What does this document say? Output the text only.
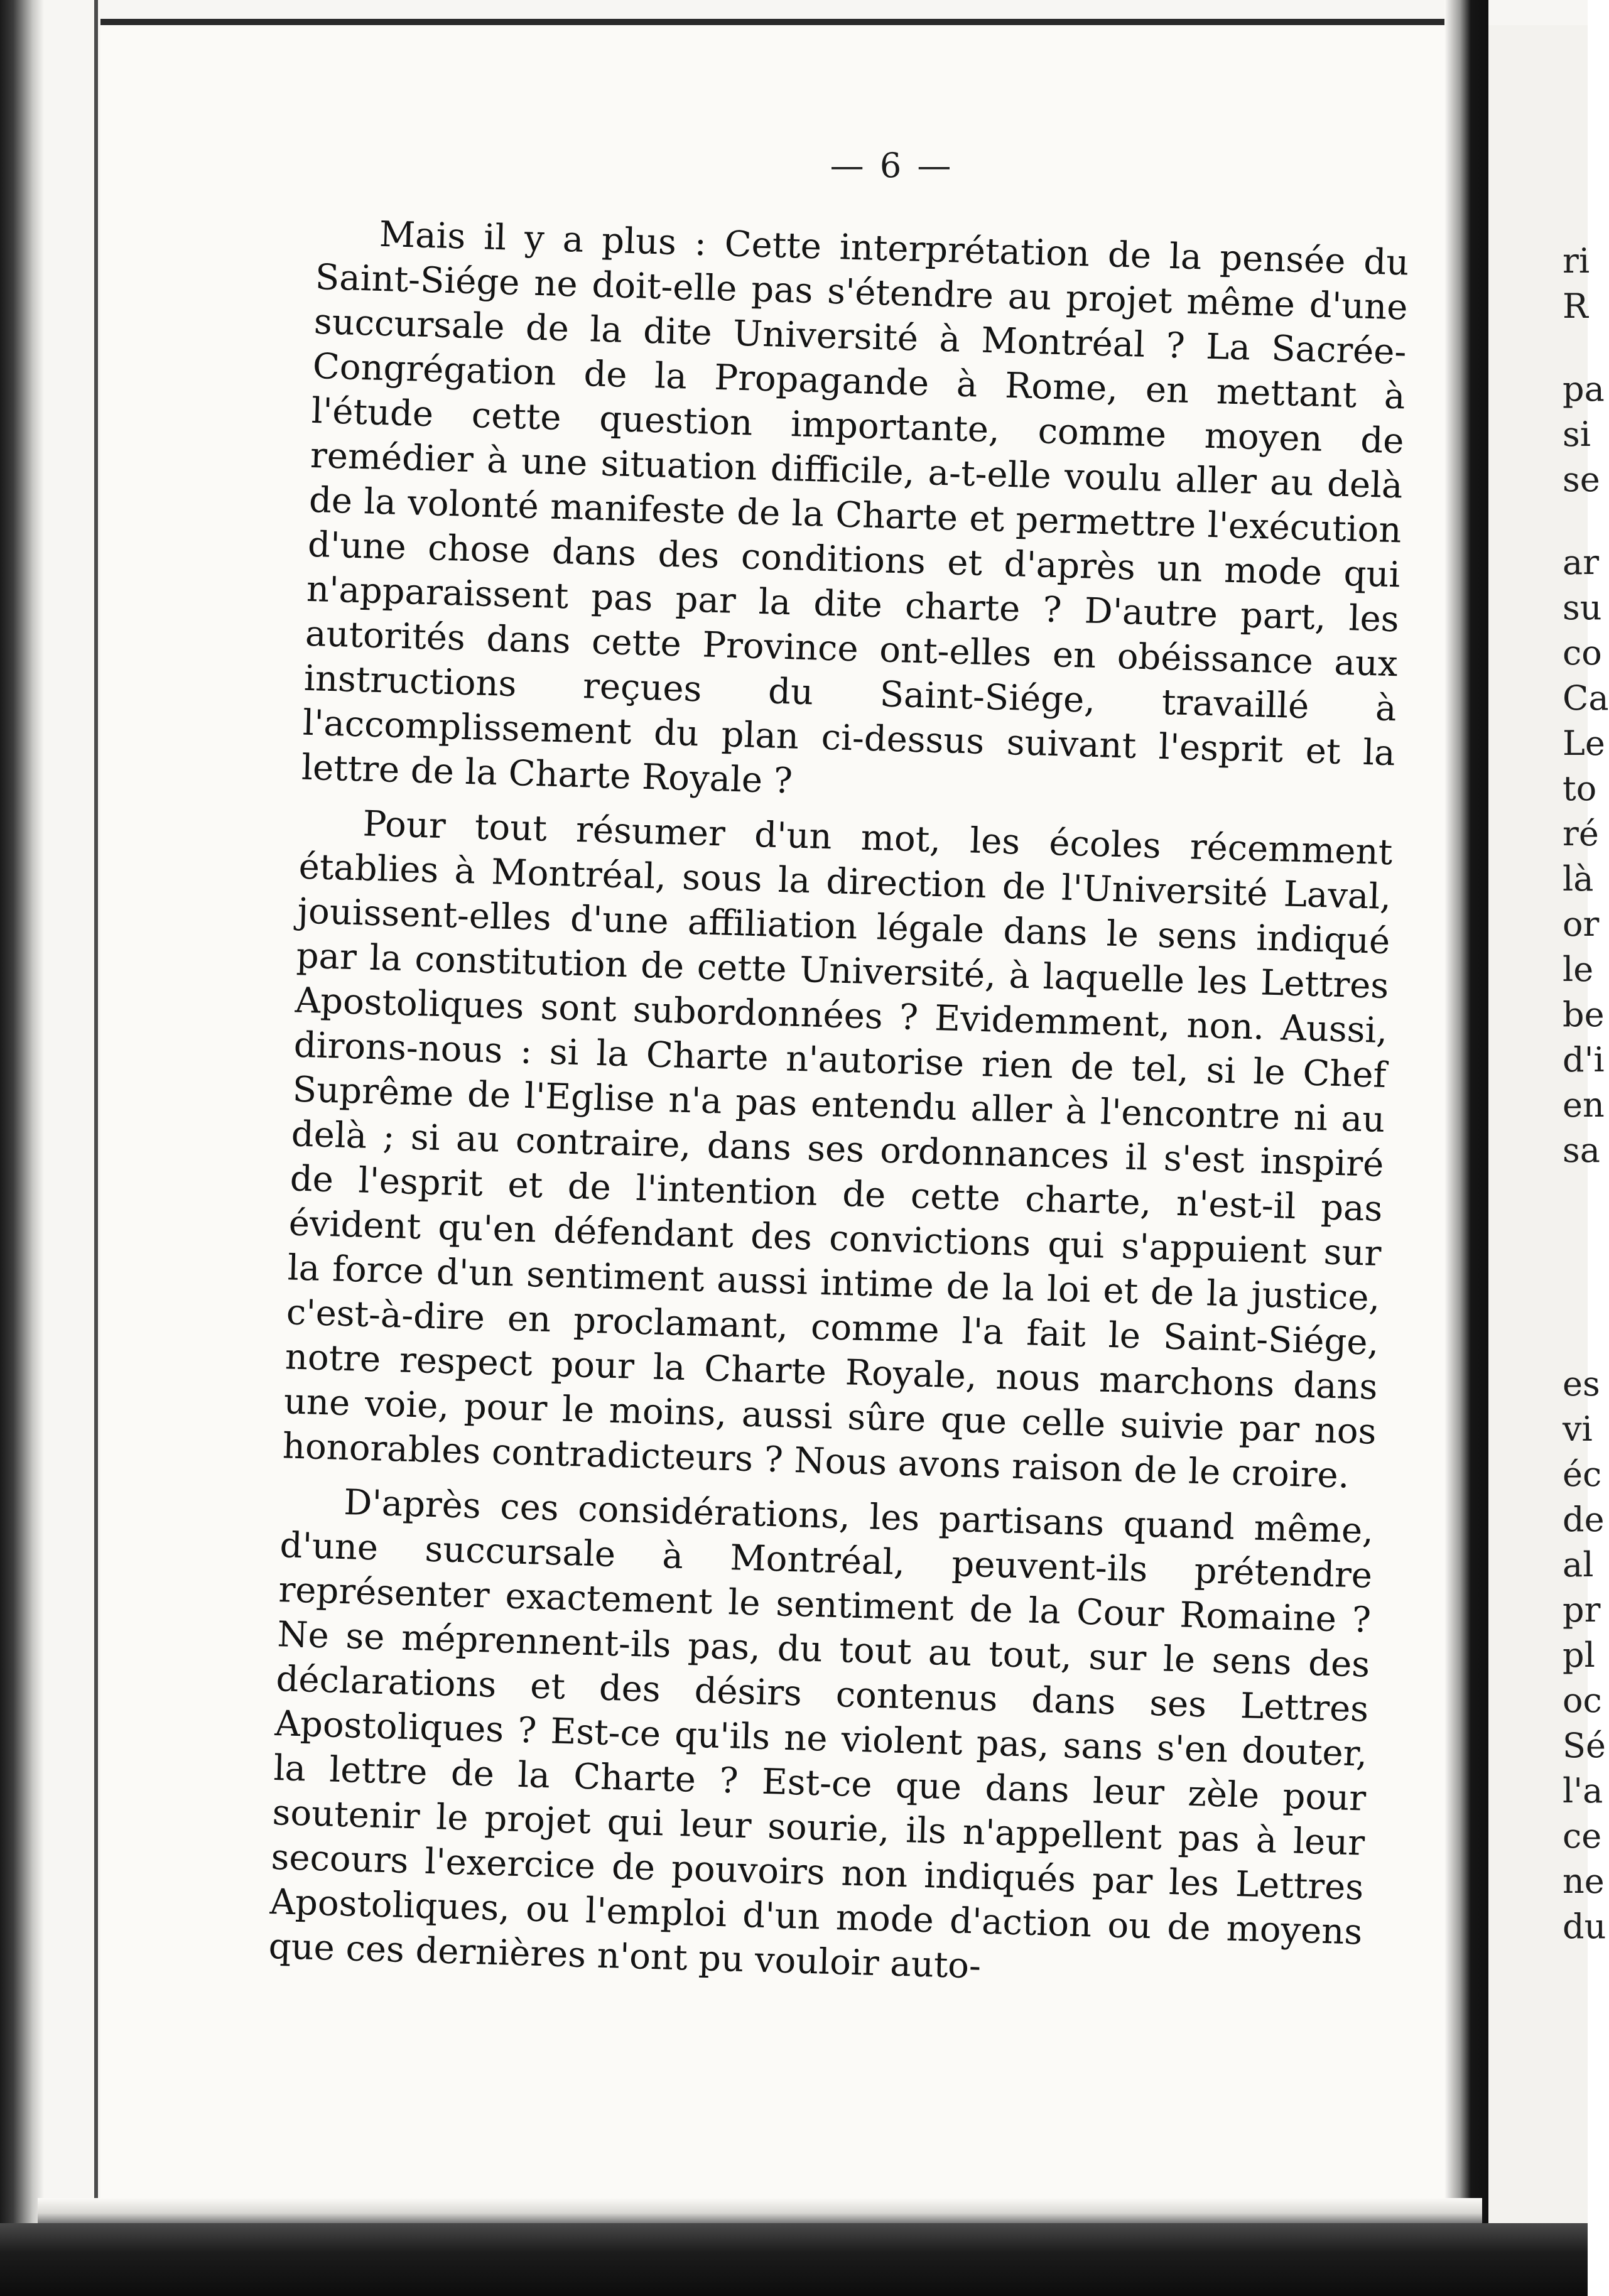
— 6 —

Mais il y a plus : Cette interprétation de la pensée du Saint-Siége ne doit-elle pas s'étendre au projet même d'une succursale de la dite Université à Montréal ? La Sacrée-Congrégation de la Propagande à Rome, en mettant à l'étude cette question importante, comme moyen de remédier à une situation difficile, a-t-elle voulu aller au delà de la volonté manifeste de la Charte et permettre l'exécution d'une chose dans des conditions et d'après un mode qui n'apparaissent pas par la dite charte ? D'autre part, les autorités dans cette Province ont-elles en obéissance aux instructions reçues du Saint-Siége, travaillé à l'accomplissement du plan ci-dessus suivant l'esprit et la lettre de la Charte Royale ?

Pour tout résumer d'un mot, les écoles récemment établies à Montréal, sous la direction de l'Université Laval, jouissent-elles d'une affiliation légale dans le sens indiqué par la constitution de cette Université, à laquelle les Lettres Apostoliques sont subordonnées ? Evidemment, non. Aussi, dirons-nous : si la Charte n'autorise rien de tel, si le Chef Suprême de l'Eglise n'a pas entendu aller à l'encontre ni au delà ; si au contraire, dans ses ordonnances il s'est inspiré de l'esprit et de l'intention de cette charte, n'est-il pas évident qu'en défendant des convictions qui s'appuient sur la force d'un sentiment aussi intime de la loi et de la justice, c'est-à-dire en proclamant, comme l'a fait le Saint-Siége, notre respect pour la Charte Royale, nous marchons dans une voie, pour le moins, aussi sûre que celle suivie par nos honorables contradicteurs ? Nous avons raison de le croire.

D'après ces considérations, les partisans quand même, d'une succursale à Montréal, peuvent-ils prétendre représenter exactement le sentiment de la Cour Romaine ? Ne se méprennent-ils pas, du tout au tout, sur le sens des déclarations et des désirs contenus dans ses Lettres Apostoliques ? Est-ce qu'ils ne violent pas, sans s'en douter, la lettre de la Charte ? Est-ce que dans leur zèle pour soutenir le projet qui leur sourie, ils n'appellent pas à leur secours l'exercice de pouvoirs non indiqués par les Lettres Apostoliques, ou l'emploi d'un mode d'action ou de moyens que ces dernières n'ont pu vouloir auto-

ri
R
pa
si
se
ar
su
co
Ca
Le
to
ré
là
or
le
be
d'i
en
sa
es
vi
éc
de
al
pr
pl
oc
Sé
l'a
ce
ne
du
